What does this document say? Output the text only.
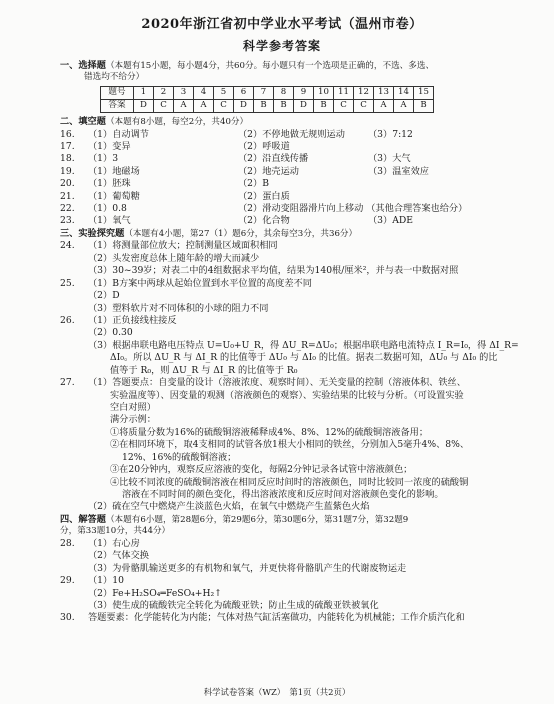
2020年浙江省初中学业水平考试（温州市卷）
科学参考答案
一、选择题（本题有15小题，每小题4分，共60分。每小题只有一个选项是正确的，不选、多选、
错选均不给分）
题号	1	2	3	4	5	6	7	8	9	10	11	12	13	14	15
答案	D	C	A	A	C	D	B	B	D	B	C	C	A	A	B
二、填空题（本题有8小题，每空2分，共40分）
16.	（1）自动调节	（2）不停地做无规则运动	（3）7:12
17.	（1）变异	（2）呼吸道
18.	（1）3	（2）沿直线传播	（3）大气
19.	（1）地磁场	（2）地壳运动	（3）温室效应
20.	（1）胚珠	（2）B
21.	（1）葡萄糖	（2）蛋白质
22.	（1）0.8	（2）滑动变阻器滑片向上移动 （其他合理答案也给分）
23.	（1）氧气	（2）化合物	（3）ADE
三、实验探究题（本题有4小题，第27（1）题6分，其余每空3分，共36分）
24.	（1）将测量部位放大；控制测量区域面积相同
（2）头发密度总体上随年龄的增大而减少
（3）30~39岁；对表二中的4组数据求平均值，结果为140根/厘米²，并与表一中数据对照
25.	（1）B方案中两球从起始位置到水平位置的高度差不同
（2）D
（3）塑料软片对不同体积的小球的阻力不同
26.	（1）正负接线柱接反
（2）0.30
（3）根据串联电路电压特点 U=U₀+U_R，得 ΔU_R=ΔU₀；根据串联电路电流特点 I_R=I₀，得 ΔI_R=
ΔI₀。所以 ΔU_R 与 ΔI_R 的比值等于 ΔU₀ 与 ΔI₀ 的比值。据表二数据可知，ΔU₀ 与 ΔI₀ 的比
值等于 R₀，则 ΔU_R 与 ΔI_R 的比值等于 R₀
27.	（1）答题要点：自变量的设计（溶液浓度、观察时间）、无关变量的控制（溶液体积、铁丝、
实验温度等）、因变量的观测（溶液颜色的观察）、实验结果的比较与分析。（可设置实验
空白对照）
满分示例：
①将质量分数为16%的硫酸铜溶液稀释成4%、8%、12%的硫酸铜溶液备用；
②在相同环境下，取4支相同的试管各放1根大小相同的铁丝，分别加入5毫升4%、8%、
12%、16%的硫酸铜溶液；
③在20分钟内，观察反应溶液的变化，每隔2分钟记录各试管中溶液颜色；
④比较不同浓度的硫酸铜溶液在相同反应时间时的溶液颜色，同时比较同一浓度的硫酸铜
溶液在不同时间的颜色变化，得出溶液浓度和反应时间对溶液颜色变化的影响。
（2）硫在空气中燃烧产生淡蓝色火焰，在氧气中燃烧产生蓝紫色火焰
四、解答题（本题有6小题，第28题6分，第29题6分，第30题6分，第31题7分，第32题9
分，第33题10分，共44分）
28.	（1）右心房
（2）气体交换
（3）为骨骼肌输送更多的有机物和氧气，并更快将骨骼肌产生的代谢废物运走
29.	（1）10
（2）Fe+H₂SO₄═FeSO₄+H₂↑
（3）使生成的硫酸铁完全转化为硫酸亚铁；防止生成的硫酸亚铁被氧化
30.	答题要素：化学能转化为内能；气体对热气缸活塞做功，内能转化为机械能；工作介质汽化和
科学试卷答案（WZ）　第1页（共2页）
